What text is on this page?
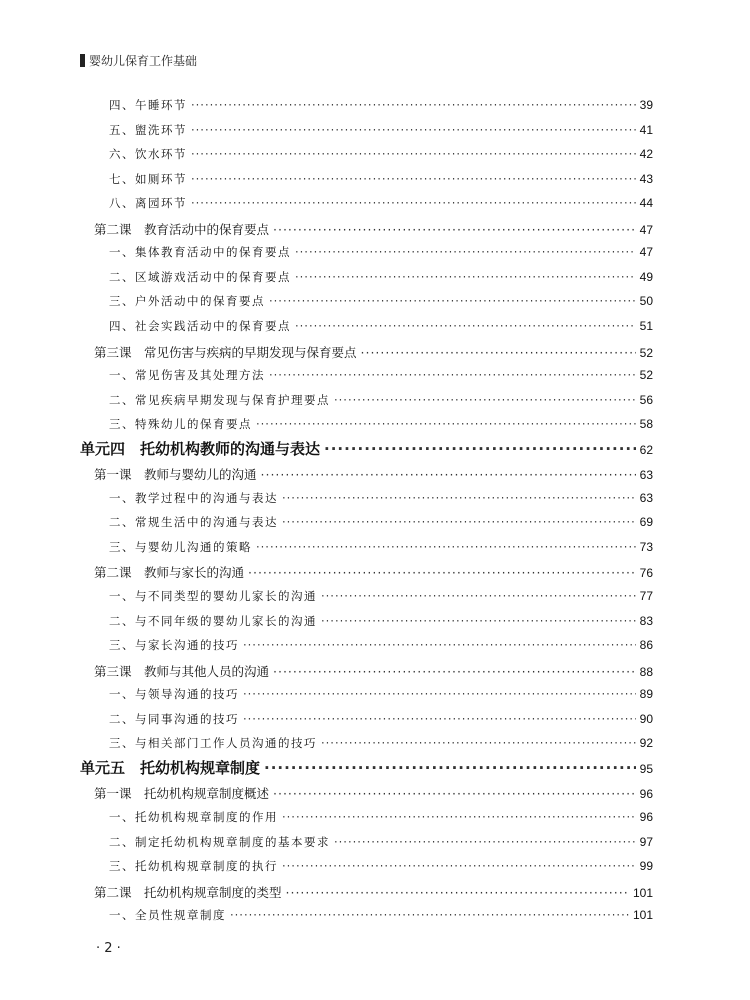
婴幼儿保育工作基础
四、午睡环节 ·····	39
五、盥洗环节 ·····	41
六、饮水环节 ·····	42
七、如厕环节 ·····	43
八、离园环节 ·····	44
第二课　教育活动中的保育要点 ·····	47
一、集体教育活动中的保育要点 ·····	47
二、区域游戏活动中的保育要点 ·····	49
三、户外活动中的保育要点 ·····	50
四、社会实践活动中的保育要点 ·····	51
第三课　常见伤害与疾病的早期发现与保育要点 ·····	52
一、常见伤害及其处理方法 ·····	52
二、常见疾病早期发现与保育护理要点 ·····	56
三、特殊幼儿的保育要点 ·····	58
单元四　托幼机构教师的沟通与表达 ·····	62
第一课　教师与婴幼儿的沟通 ·····	63
一、教学过程中的沟通与表达 ·····	63
二、常规生活中的沟通与表达 ·····	69
三、与婴幼儿沟通的策略 ·····	73
第二课　教师与家长的沟通 ·····	76
一、与不同类型的婴幼儿家长的沟通 ·····	77
二、与不同年级的婴幼儿家长的沟通 ·····	83
三、与家长沟通的技巧 ·····	86
第三课　教师与其他人员的沟通 ·····	88
一、与领导沟通的技巧 ·····	89
二、与同事沟通的技巧 ·····	90
三、与相关部门工作人员沟通的技巧 ·····	92
单元五　托幼机构规章制度 ·····	95
第一课　托幼机构规章制度概述 ·····	96
一、托幼机构规章制度的作用 ·····	96
二、制定托幼机构规章制度的基本要求 ·····	97
三、托幼机构规章制度的执行 ·····	99
第二课　托幼机构规章制度的类型 ·····	101
一、全员性规章制度 ·····	101
· 2 ·
